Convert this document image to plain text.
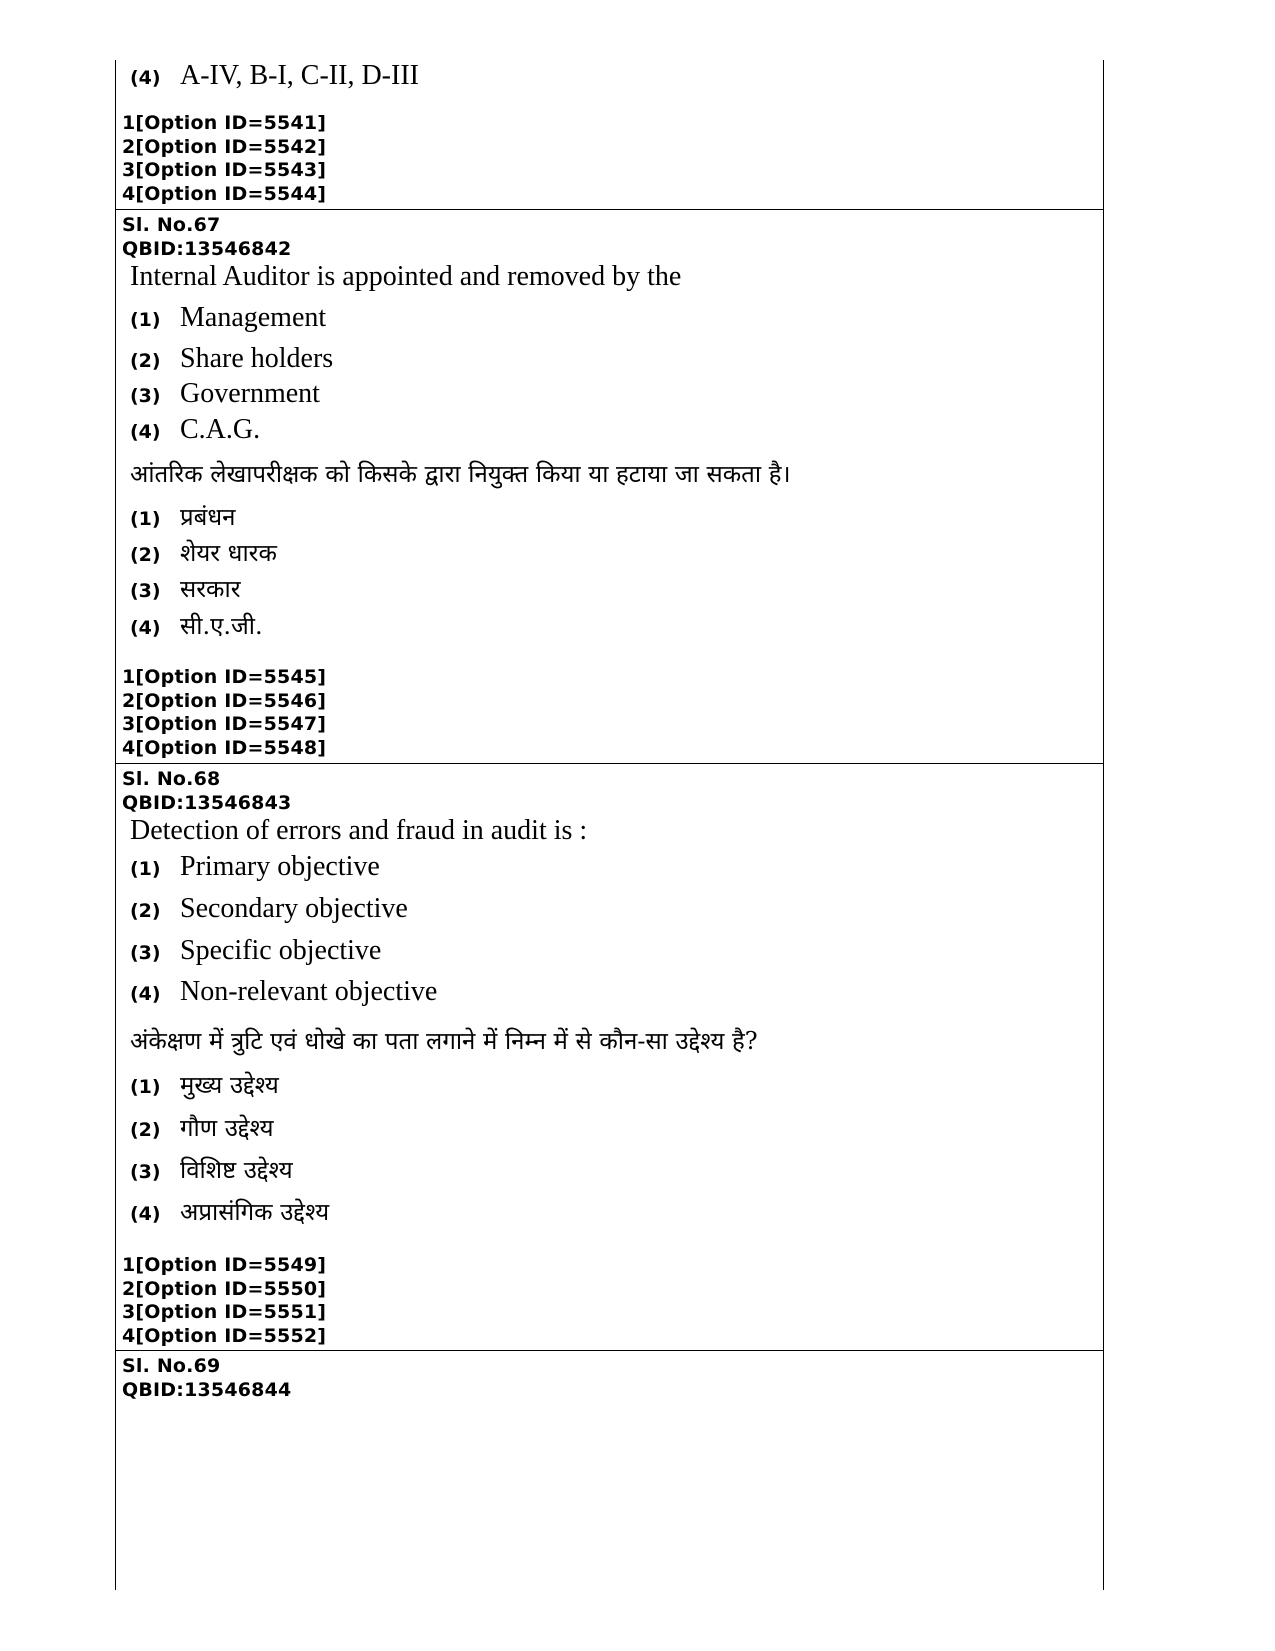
(4) A-IV, B-I, C-II, D-III
1[Option ID=5541]
2[Option ID=5542]
3[Option ID=5543]
4[Option ID=5544]
Sl. No.67
QBID:13546842
Internal Auditor is appointed and removed by the
(1) Management
(2) Share holders
(3) Government
(4) C.A.G.
आंतरिक लेखापरीक्षक को किसके द्वारा नियुक्त किया या हटाया जा सकता है।
(1) प्रबंधन
(2) शेयर धारक
(3) सरकार
(4) सी.ए.जी.
1[Option ID=5545]
2[Option ID=5546]
3[Option ID=5547]
4[Option ID=5548]
Sl. No.68
QBID:13546843
Detection of errors and fraud in audit is :
(1) Primary objective
(2) Secondary objective
(3) Specific objective
(4) Non-relevant objective
अंकेक्षण में त्रुटि एवं धोखे का पता लगाने में निम्न में से कौन-सा उद्देश्य है?
(1) मुख्य उद्देश्य
(2) गौण उद्देश्य
(3) विशिष्ट उद्देश्य
(4) अप्रासंगिक उद्देश्य
1[Option ID=5549]
2[Option ID=5550]
3[Option ID=5551]
4[Option ID=5552]
Sl. No.69
QBID:13546844
